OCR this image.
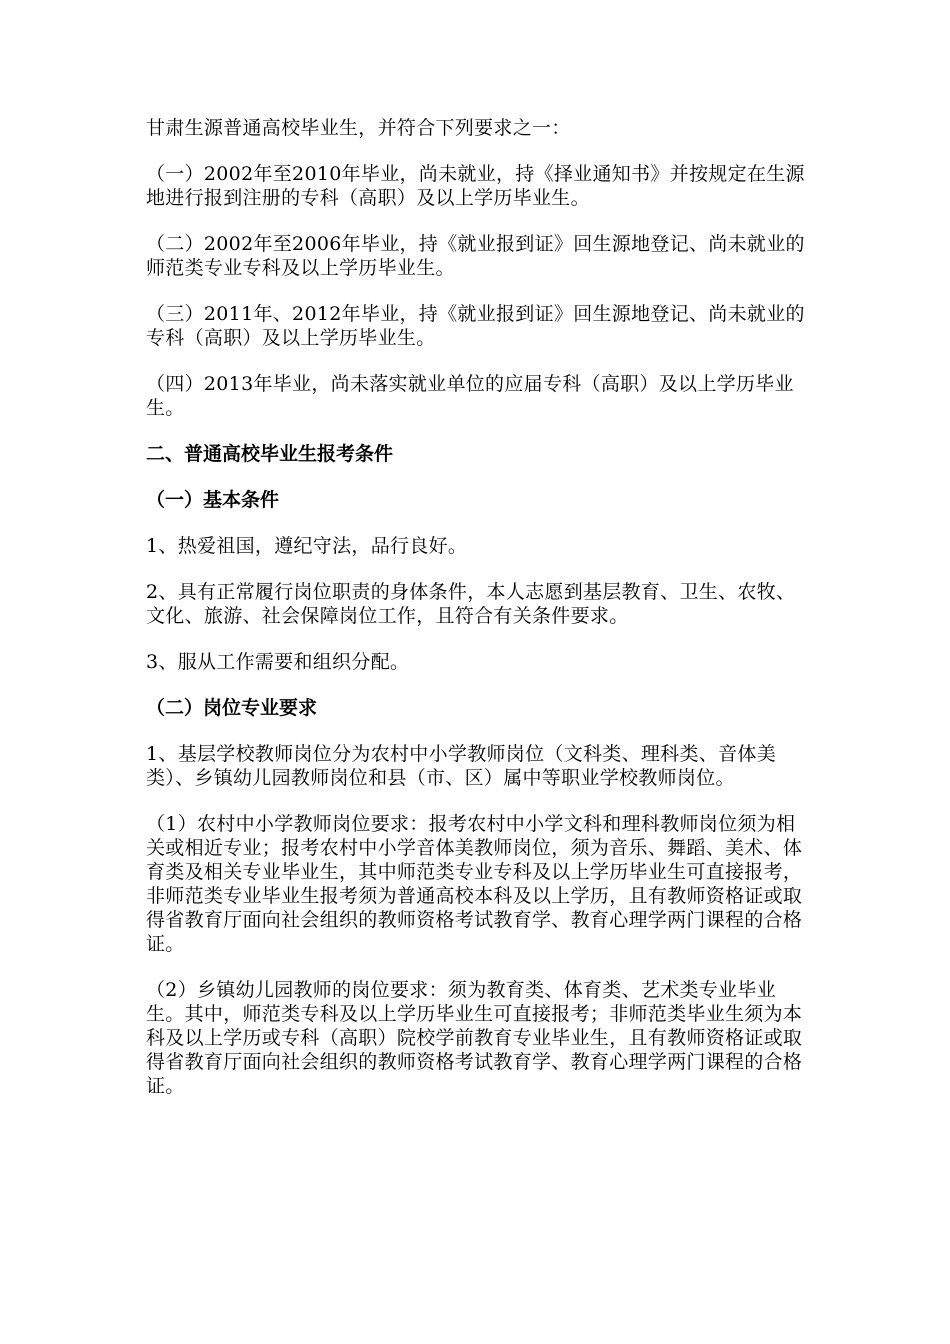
甘肃生源普通高校毕业生，并符合下列要求之一：

（一）2002年至2010年毕业，尚未就业，持《择业通知书》并按规定在生源地进行报到注册的专科（高职）及以上学历毕业生。

（二）2002年至2006年毕业，持《就业报到证》回生源地登记、尚未就业的师范类专业专科及以上学历毕业生。

（三）2011年、2012年毕业，持《就业报到证》回生源地登记、尚未就业的专科（高职）及以上学历毕业生。

（四）2013年毕业，尚未落实就业单位的应届专科（高职）及以上学历毕业生。

二、普通高校毕业生报考条件

（一）基本条件

1、热爱祖国，遵纪守法，品行良好。

2、具有正常履行岗位职责的身体条件，本人志愿到基层教育、卫生、农牧、文化、旅游、社会保障岗位工作，且符合有关条件要求。

3、服从工作需要和组织分配。

（二）岗位专业要求

1、基层学校教师岗位分为农村中小学教师岗位（文科类、理科类、音体美类）、乡镇幼儿园教师岗位和县（市、区）属中等职业学校教师岗位。

（1）农村中小学教师岗位要求：报考农村中小学文科和理科教师岗位须为相关或相近专业；报考农村中小学音体美教师岗位，须为音乐、舞蹈、美术、体育类及相关专业毕业生，其中师范类专业专科及以上学历毕业生可直接报考，非师范类专业毕业生报考须为普通高校本科及以上学历，且有教师资格证或取得省教育厅面向社会组织的教师资格考试教育学、教育心理学两门课程的合格证。

（2）乡镇幼儿园教师的岗位要求：须为教育类、体育类、艺术类专业毕业生。其中，师范类专科及以上学历毕业生可直接报考；非师范类毕业生须为本科及以上学历或专科（高职）院校学前教育专业毕业生，且有教师资格证或取得省教育厅面向社会组织的教师资格考试教育学、教育心理学两门课程的合格证。
